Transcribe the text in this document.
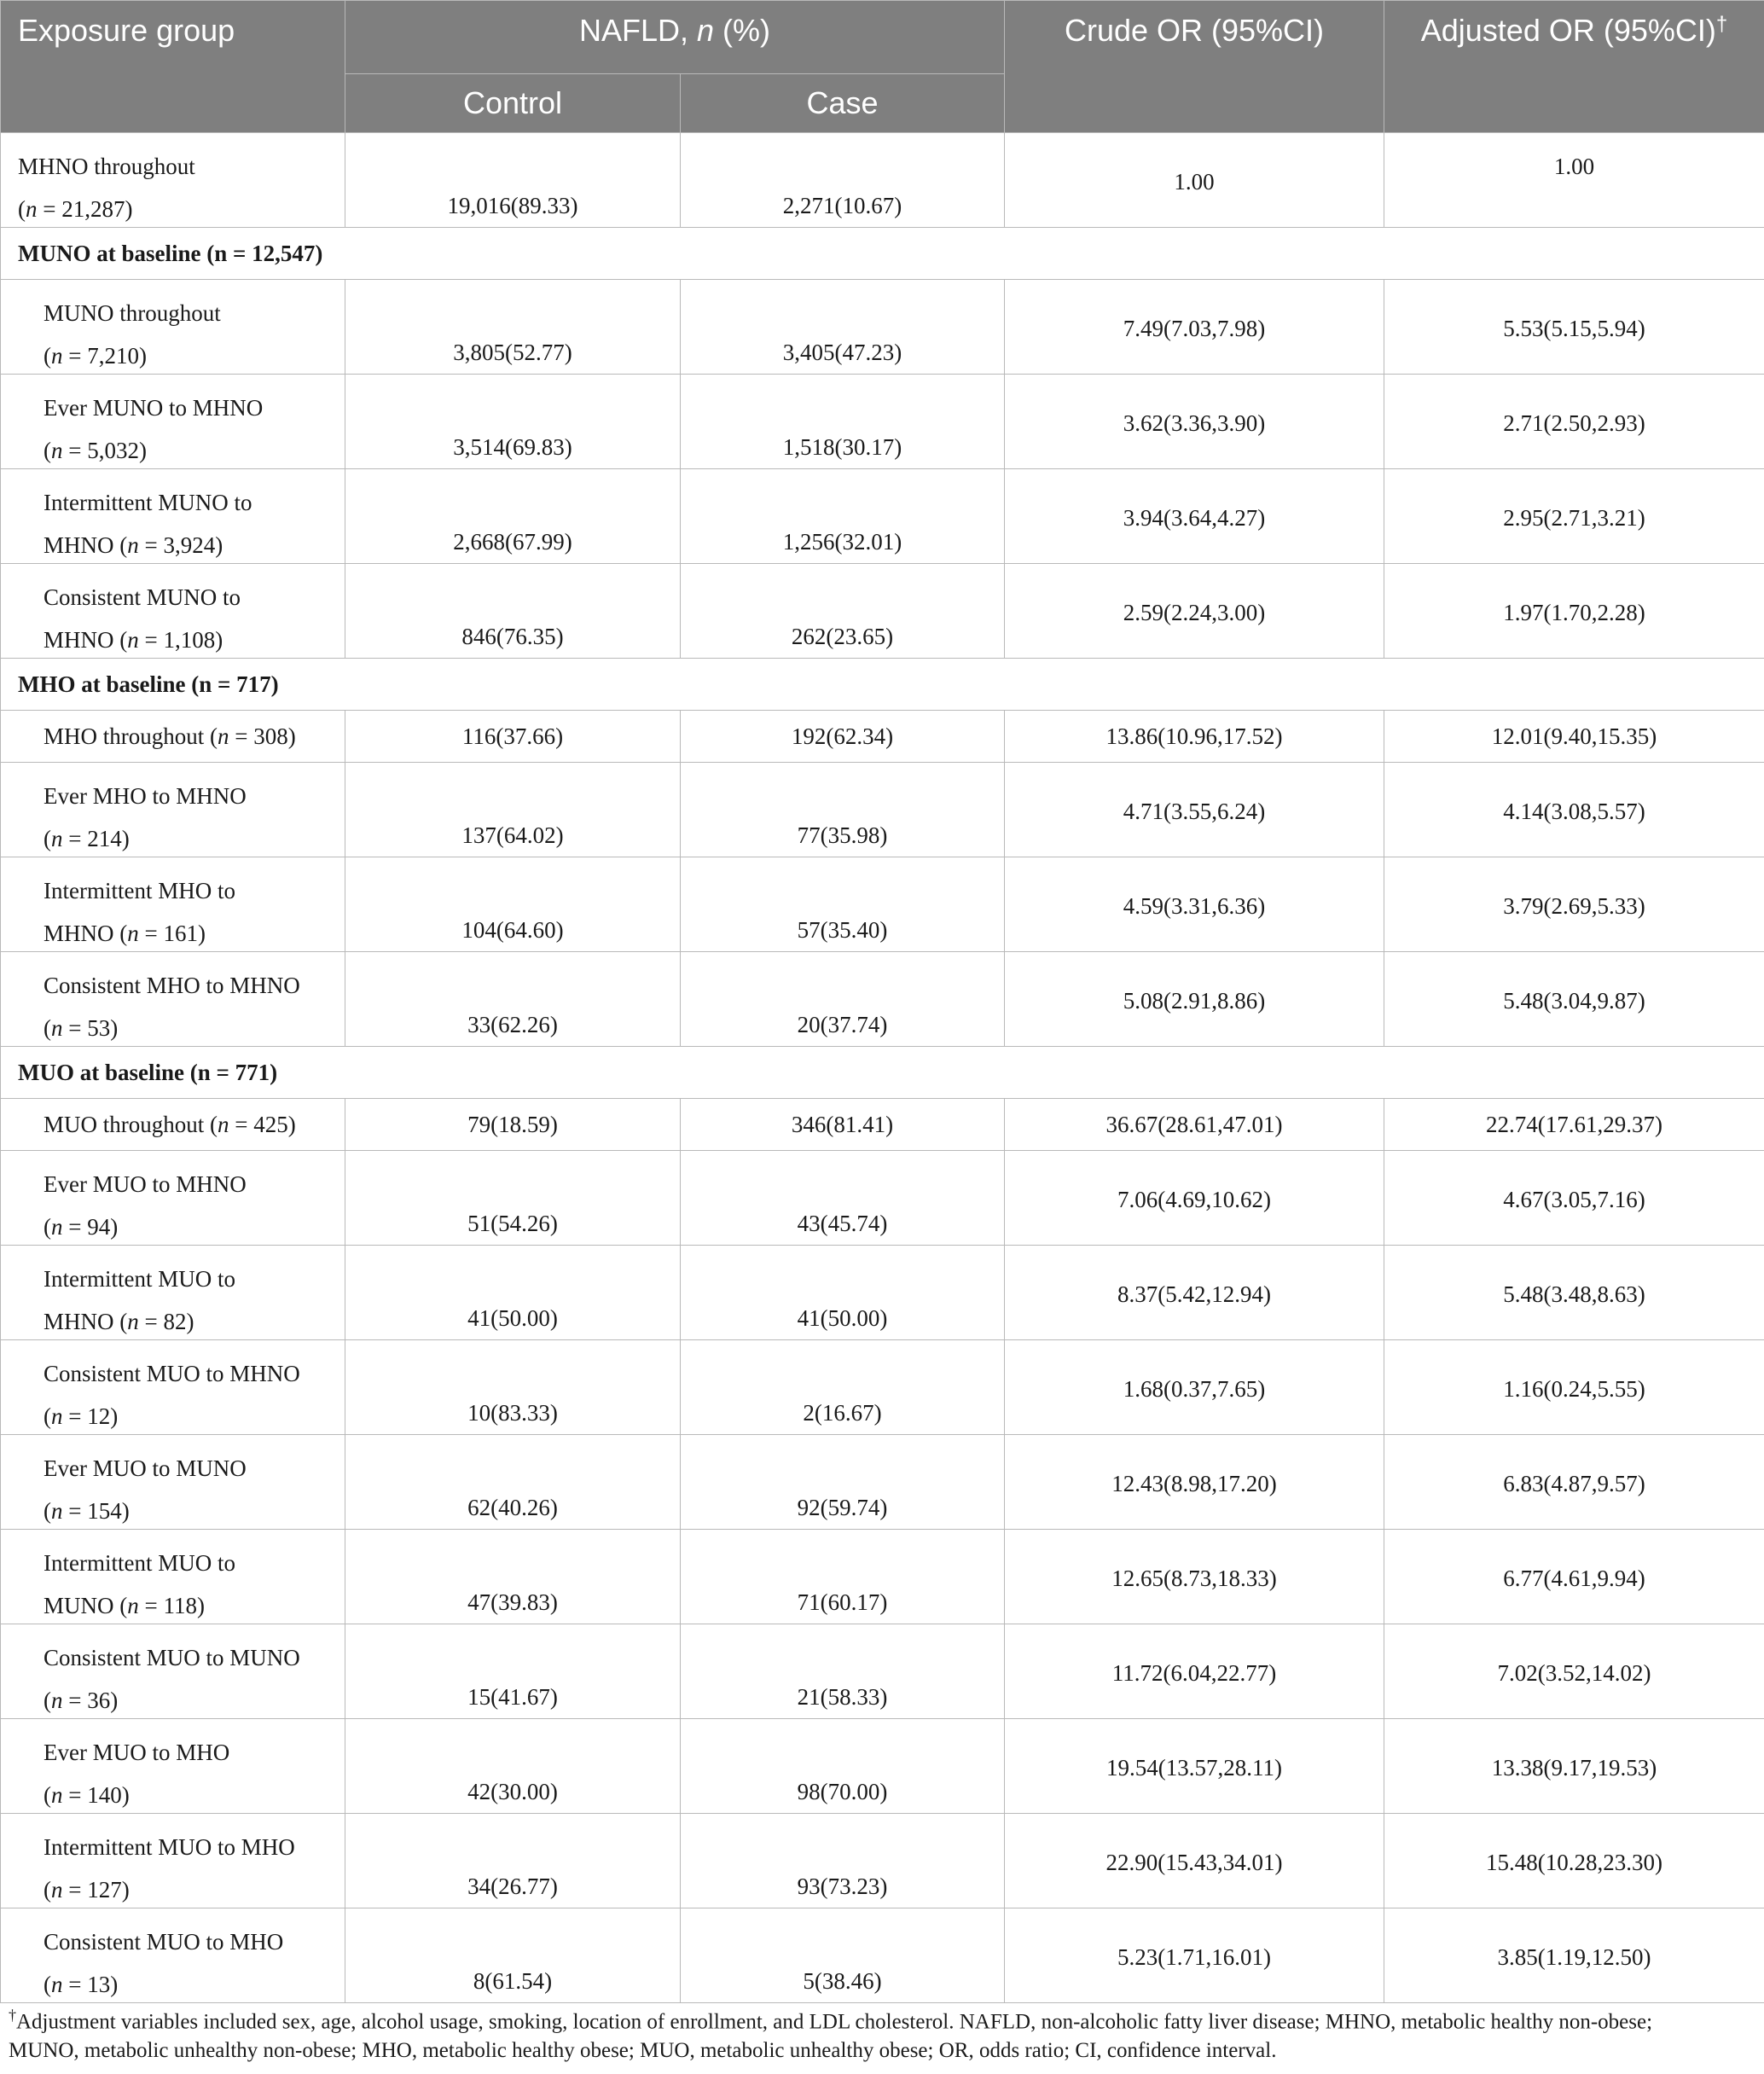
Exposure group	NAFLD, n (%)		Crude OR (95%CI)	Adjusted OR (95%CI)†
	Control	Case		

MHNO throughout
(n = 21,287)	19,016(89.33)	2,271(10.67)	1.00	1.00

MUNO at baseline (n = 12,547)				

MUNO throughout
(n = 7,210)	3,805(52.77)	3,405(47.23)	7.49(7.03,7.98)	5.53(5.15,5.94)

Ever MUNO to MHNO
(n = 5,032)	3,514(69.83)	1,518(30.17)	3.62(3.36,3.90)	2.71(2.50,2.93)

Intermittent MUNO to
MHNO (n = 3,924)	2,668(67.99)	1,256(32.01)	3.94(3.64,4.27)	2.95(2.71,3.21)

Consistent MUNO to
MHNO (n = 1,108)	846(76.35)	262(23.65)	2.59(2.24,3.00)	1.97(1.70,2.28)

MHO at baseline (n = 717)				

MHO throughout (n = 308)	116(37.66)	192(62.34)	13.86(10.96,17.52)	12.01(9.40,15.35)

Ever MHO to MHNO
(n = 214)	137(64.02)	77(35.98)	4.71(3.55,6.24)	4.14(3.08,5.57)

Intermittent MHO to
MHNO (n = 161)	104(64.60)	57(35.40)	4.59(3.31,6.36)	3.79(2.69,5.33)

Consistent MHO to MHNO
(n = 53)	33(62.26)	20(37.74)	5.08(2.91,8.86)	5.48(3.04,9.87)

MUO at baseline (n = 771)				

MUO throughout (n = 425)	79(18.59)	346(81.41)	36.67(28.61,47.01)	22.74(17.61,29.37)

Ever MUO to MHNO
(n = 94)	51(54.26)	43(45.74)	7.06(4.69,10.62)	4.67(3.05,7.16)

Intermittent MUO to
MHNO (n = 82)	41(50.00)	41(50.00)	8.37(5.42,12.94)	5.48(3.48,8.63)

Consistent MUO to MHNO
(n = 12)	10(83.33)	2(16.67)	1.68(0.37,7.65)	1.16(0.24,5.55)

Ever MUO to MUNO
(n = 154)	62(40.26)	92(59.74)	12.43(8.98,17.20)	6.83(4.87,9.57)

Intermittent MUO to
MUNO (n = 118)	47(39.83)	71(60.17)	12.65(8.73,18.33)	6.77(4.61,9.94)

Consistent MUO to MUNO
(n = 36)	15(41.67)	21(58.33)	11.72(6.04,22.77)	7.02(3.52,14.02)

Ever MUO to MHO
(n = 140)	42(30.00)	98(70.00)	19.54(13.57,28.11)	13.38(9.17,19.53)

Intermittent MUO to MHO
(n = 127)	34(26.77)	93(73.23)	22.90(15.43,34.01)	15.48(10.28,23.30)

Consistent MUO to MHO
(n = 13)	8(61.54)	5(38.46)	5.23(1.71,16.01)	3.85(1.19,12.50)
†Adjustment variables included sex, age, alcohol usage, smoking, location of enrollment, and LDL cholesterol. NAFLD, non-alcoholic fatty liver disease; MHNO, metabolic healthy non-obese;
MUNO, metabolic unhealthy non-obese; MHO, metabolic healthy obese; MUO, metabolic unhealthy obese; OR, odds ratio; CI, confidence interval.
